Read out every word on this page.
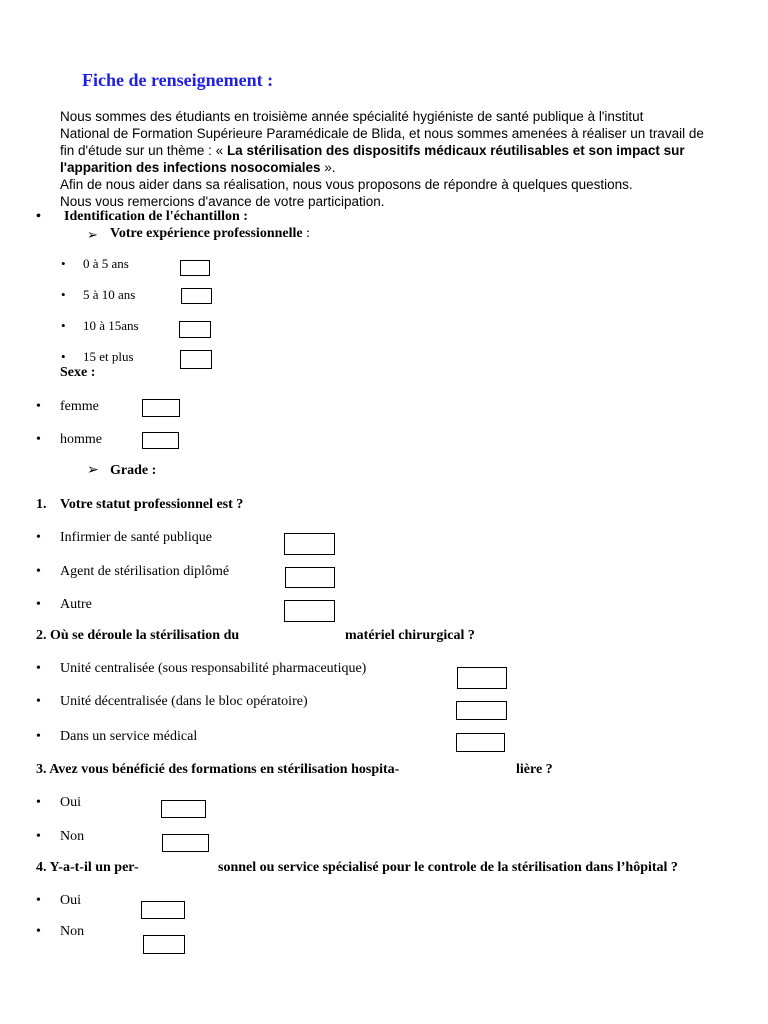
Fiche de renseignement :
Nous sommes des étudiants en troisième année spécialité hygiéniste de santé publique à l'institut
National de Formation Supérieure Paramédicale de Blida, et nous sommes amenées à réaliser un travail de
fin d'étude sur un thème : « La stérilisation des dispositifs médicaux réutilisables et son impact sur
l'apparition des infections nosocomiales ».
Afin de nous aider dans sa réalisation, nous vous proposons de répondre à quelques questions.
Nous vous remercions d'avance de votre participation.
• Identification de l'échantillon :
➢ Votre expérience professionnelle :
• 0 à 5 ans
• 5 à 10 ans
• 10 à 15ans
• 15 et plus
Sexe :
• femme
• homme
➢ Grade :
1. Votre statut professionnel est ?
• Infirmier de santé publique
• Agent de stérilisation diplômé
• Autre
2. Où se déroule la stérilisation du	matériel chirurgical ?
• Unité centralisée (sous responsabilité pharmaceutique)
• Unité décentralisée (dans le bloc opératoire)
• Dans un service médical
3. Avez vous bénéficié des formations en stérilisation hospita-	lière ?
• Oui
• Non
4. Y-a-t-il un per-	sonnel ou service spécialisé pour le controle de la stérilisation dans l’hôpital ?
• Oui
• Non
